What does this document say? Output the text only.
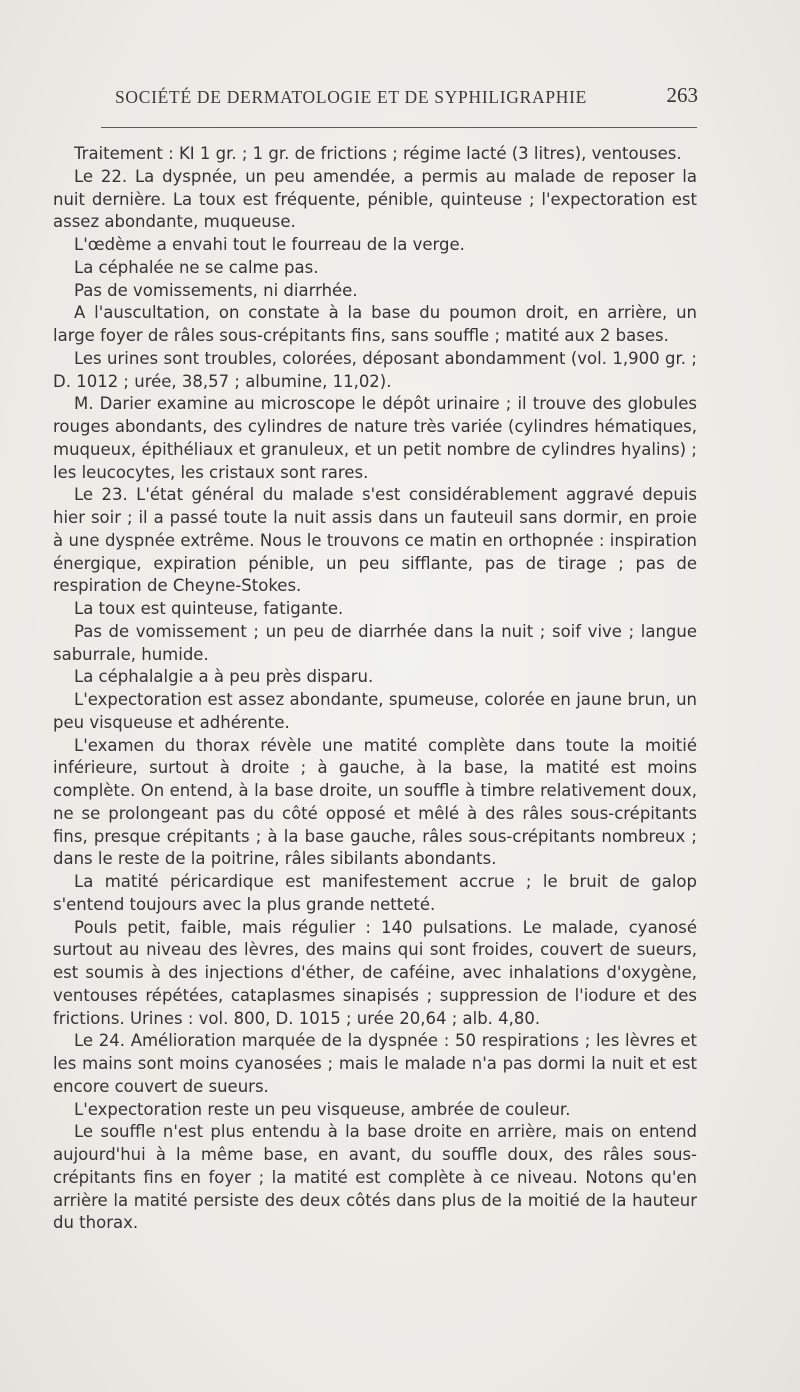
SOCIÉTÉ DE DERMATOLOGIE ET DE SYPHILIGRAPHIE	263

Traitement : KI 1 gr. ; 1 gr. de frictions ; régime lacté (3 litres), ventouses.

Le 22. La dyspnée, un peu amendée, a permis au malade de reposer la nuit dernière. La toux est fréquente, pénible, quinteuse ; l'expectoration est assez abondante, muqueuse.

L'œdème a envahi tout le fourreau de la verge.

La céphalée ne se calme pas.

Pas de vomissements, ni diarrhée.

A l'auscultation, on constate à la base du poumon droit, en arrière, un large foyer de râles sous-crépitants fins, sans souffle ; matité aux 2 bases.

Les urines sont troubles, colorées, déposant abondamment (vol. 1,900 gr. ; D. 1012 ; urée, 38,57 ; albumine, 11,02).

M. Darier examine au microscope le dépôt urinaire ; il trouve des globules rouges abondants, des cylindres de nature très variée (cylindres hématiques, muqueux, épithéliaux et granuleux, et un petit nombre de cylindres hyalins) ; les leucocytes, les cristaux sont rares.

Le 23. L'état général du malade s'est considérablement aggravé depuis hier soir ; il a passé toute la nuit assis dans un fauteuil sans dormir, en proie à une dyspnée extrême. Nous le trouvons ce matin en orthopnée : inspiration énergique, expiration pénible, un peu sifflante, pas de tirage ; pas de respiration de Cheyne-Stokes.

La toux est quinteuse, fatigante.

Pas de vomissement ; un peu de diarrhée dans la nuit ; soif vive ; langue saburrale, humide.

La céphalalgie a à peu près disparu.

L'expectoration est assez abondante, spumeuse, colorée en jaune brun, un peu visqueuse et adhérente.

L'examen du thorax révèle une matité complète dans toute la moitié inférieure, surtout à droite ; à gauche, à la base, la matité est moins complète. On entend, à la base droite, un souffle à timbre relativement doux, ne se prolongeant pas du côté opposé et mêlé à des râles sous-crépitants fins, presque crépitants ; à la base gauche, râles sous-crépitants nombreux ; dans le reste de la poitrine, râles sibilants abondants.

La matité péricardique est manifestement accrue ; le bruit de galop s'entend toujours avec la plus grande netteté.

Pouls petit, faible, mais régulier : 140 pulsations. Le malade, cyanosé surtout au niveau des lèvres, des mains qui sont froides, couvert de sueurs, est soumis à des injections d'éther, de caféine, avec inhalations d'oxygène, ventouses répétées, cataplasmes sinapisés ; suppression de l'iodure et des frictions. Urines : vol. 800, D. 1015 ; urée 20,64 ; alb. 4,80.

Le 24. Amélioration marquée de la dyspnée : 50 respirations ; les lèvres et les mains sont moins cyanosées ; mais le malade n'a pas dormi la nuit et est encore couvert de sueurs.

L'expectoration reste un peu visqueuse, ambrée de couleur.

Le souffle n'est plus entendu à la base droite en arrière, mais on entend aujourd'hui à la même base, en avant, du souffle doux, des râles sous-crépitants fins en foyer ; la matité est complète à ce niveau. Notons qu'en arrière la matité persiste des deux côtés dans plus de la moitié de la hauteur du thorax.
